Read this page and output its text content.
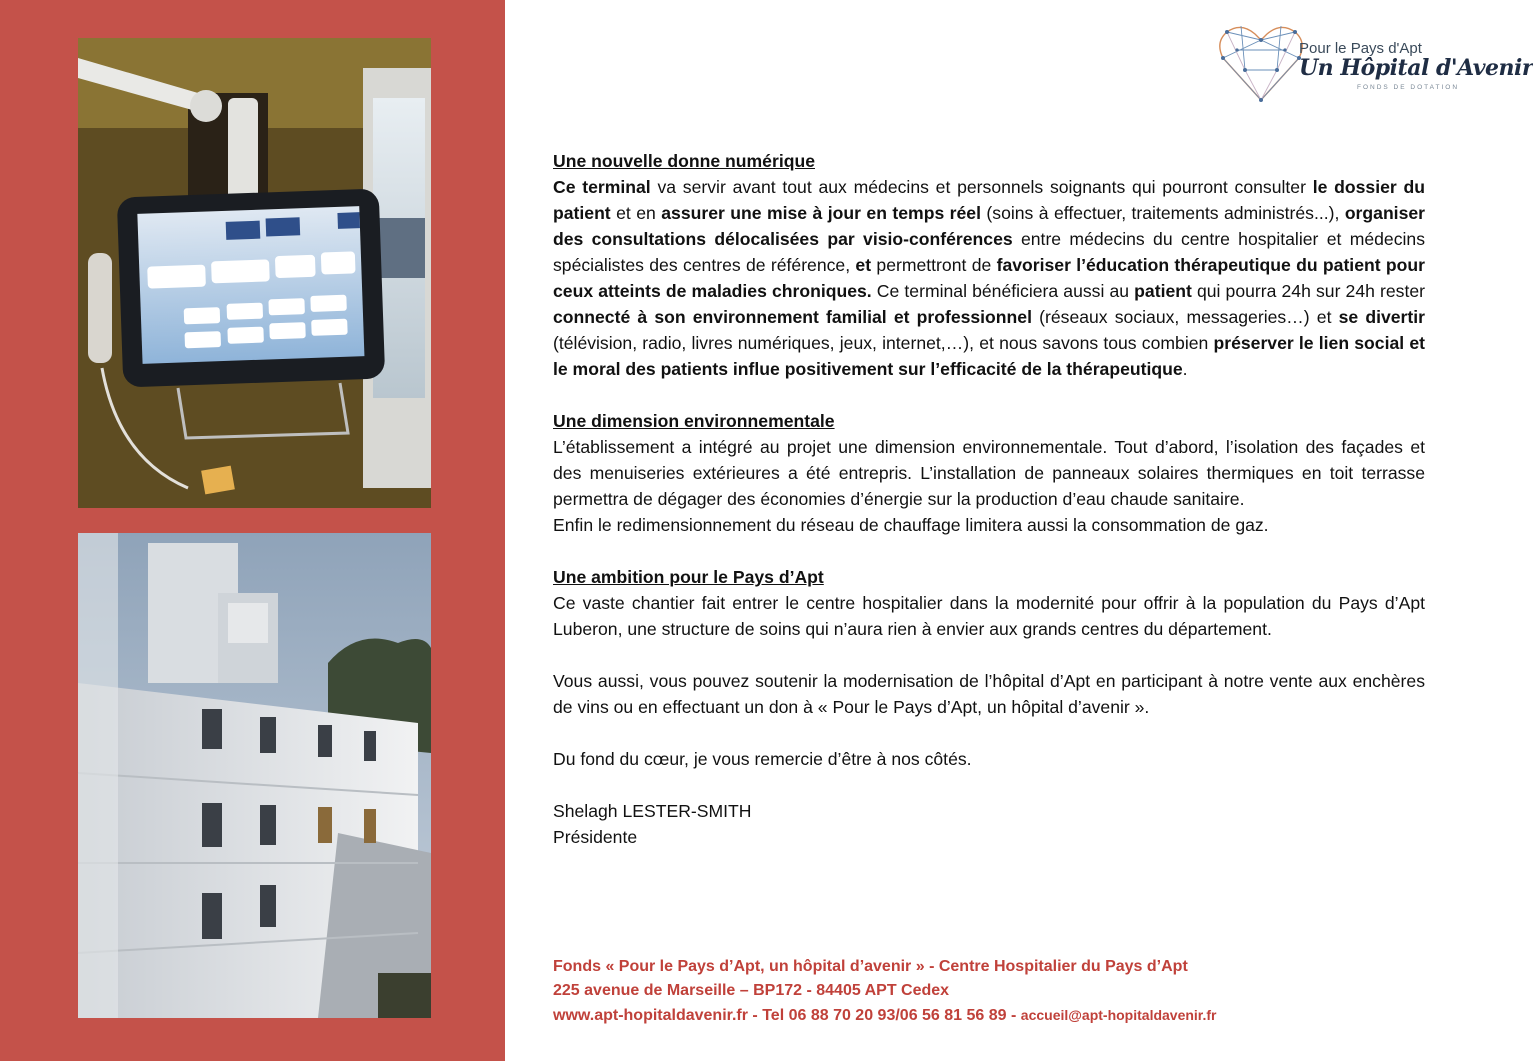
Pour le Pays d'Apt
Un Hôpital d'Avenir
FONDS DE DOTATION

Une nouvelle donne numérique

Ce terminal va servir avant tout aux médecins et personnels soignants qui pourront consulter le dossier du patient et en assurer une mise à jour en temps réel (soins à effectuer, traitements administrés...), organiser des consultations délocalisées par visio-conférences entre médecins du centre hospitalier et médecins spécialistes des centres de référence, et permettront de favoriser l’éducation thérapeutique du patient pour ceux atteints de maladies chroniques. Ce terminal bénéficiera aussi au patient qui pourra 24h sur 24h rester connecté à son environnement familial et professionnel (réseaux sociaux, messageries…) et se divertir (télévision, radio, livres numériques, jeux, internet,…), et nous savons tous combien préserver le lien social et le moral des patients influe positivement sur l’efficacité de la thérapeutique.

Une dimension environnementale

L’établissement a intégré au projet une dimension environnementale. Tout d’abord, l’isolation des façades et des menuiseries extérieures a été entrepris. L’installation de panneaux solaires thermiques en toit terrasse permettra de dégager des économies d’énergie sur la production d’eau chaude sanitaire.

Enfin le redimensionnement du réseau de chauffage limitera aussi la consommation de gaz.

Une ambition pour le Pays d’Apt

Ce vaste chantier fait entrer le centre hospitalier dans la modernité pour offrir à la population du Pays d’Apt Luberon, une structure de soins qui n’aura rien à envier aux grands centres du département.

Vous aussi, vous pouvez soutenir la modernisation de l’hôpital d’Apt en participant à notre vente aux enchères de vins ou en effectuant un don à « Pour le Pays d’Apt, un hôpital d’avenir ».

Du fond du cœur, je vous remercie d’être à nos côtés.

Shelagh LESTER-SMITH

Présidente

Fonds « Pour le Pays d’Apt, un hôpital d’avenir » - Centre Hospitalier du Pays d’Apt
225 avenue de Marseille – BP172 - 84405 APT Cedex
www.apt-hopitaldavenir.fr - Tel 06 88 70 20 93/06 56 81 56 89 - accueil@apt-hopitaldavenir.fr
